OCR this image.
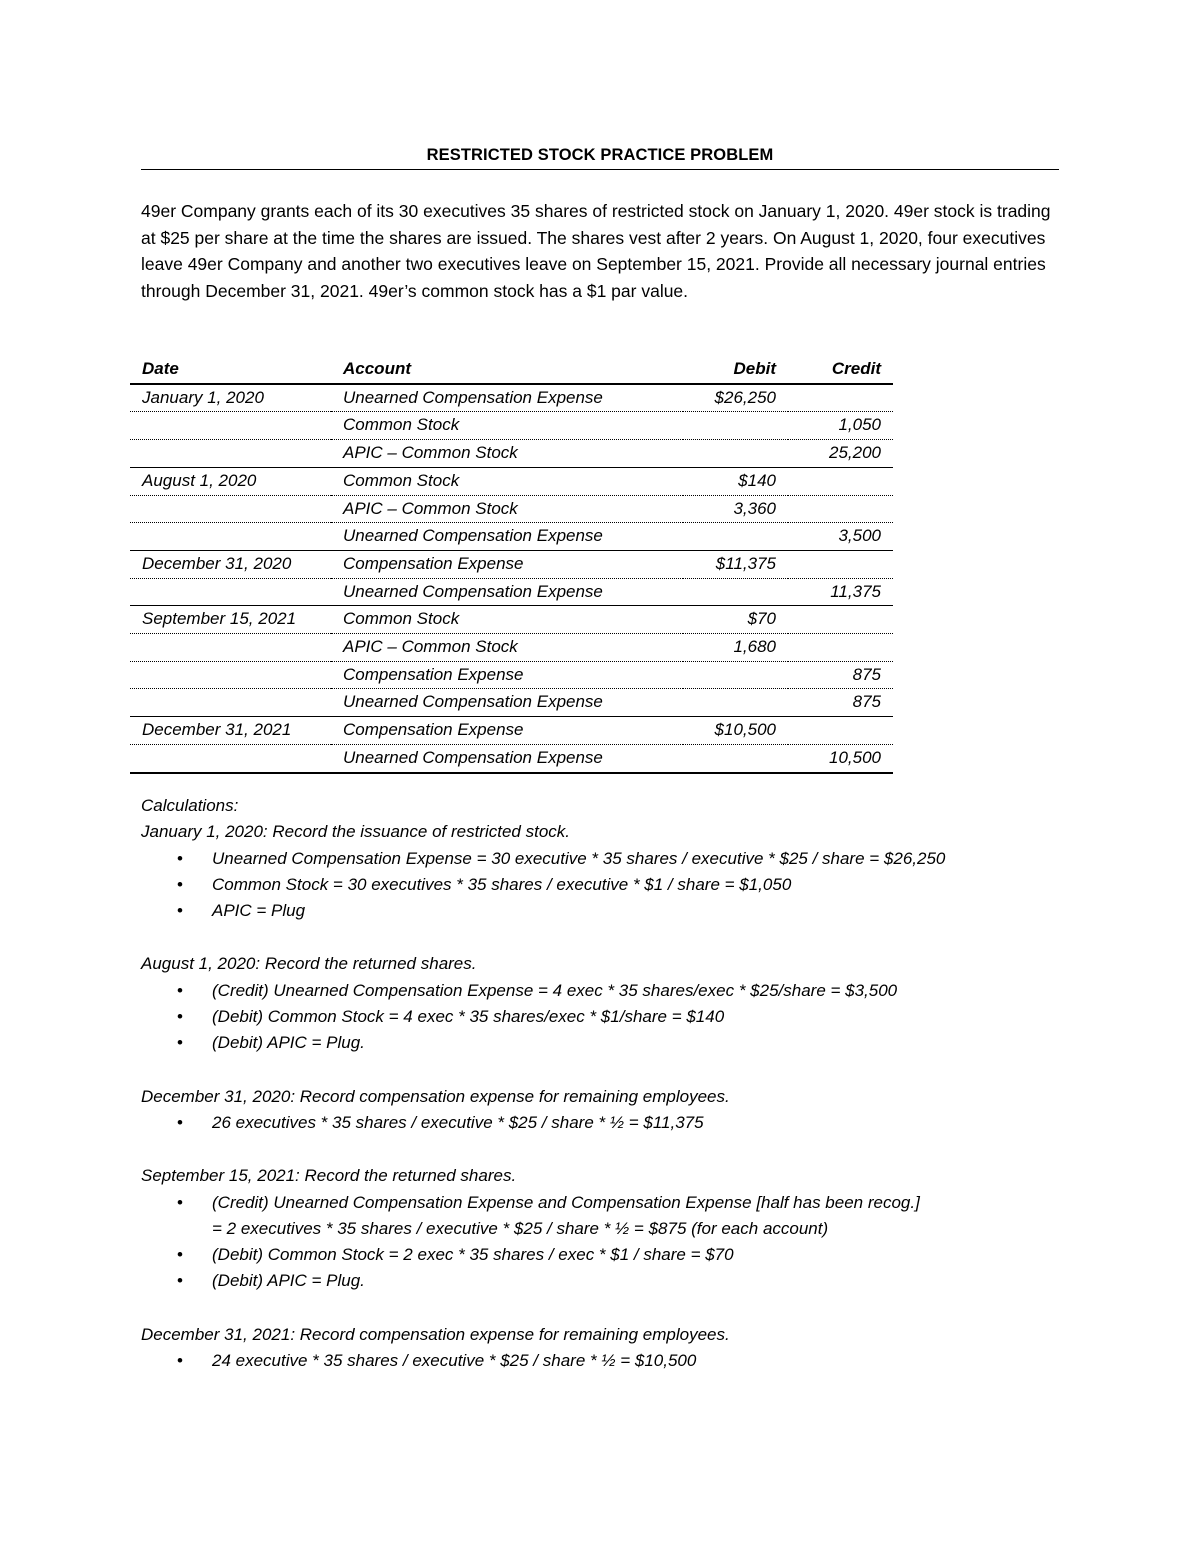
RESTRICTED STOCK PRACTICE PROBLEM
49er Company grants each of its 30 executives 35 shares of restricted stock on January 1, 2020. 49er stock is trading at $25 per share at the time the shares are issued. The shares vest after 2 years. On August 1, 2020, four executives leave 49er Company and another two executives leave on September 15, 2021. Provide all necessary journal entries through December 31, 2021. 49er’s common stock has a $1 par value.
Date	Account	Debit	Credit
January 1, 2020	Unearned Compensation Expense	$26,250	
	Common Stock		1,050
	APIC – Common Stock		25,200
August 1, 2020	Common Stock	$140	
	APIC – Common Stock	3,360	
	Unearned Compensation Expense		3,500
December 31, 2020	Compensation Expense	$11,375	
	Unearned Compensation Expense		11,375
September 15, 2021	Common Stock	$70	
	APIC – Common Stock	1,680	
	Compensation Expense		875
	Unearned Compensation Expense		875
December 31, 2021	Compensation Expense	$10,500	
	Unearned Compensation Expense		10,500
Calculations:
January 1, 2020: Record the issuance of restricted stock.
• Unearned Compensation Expense = 30 executive * 35 shares / executive * $25 / share = $26,250
• Common Stock = 30 executives * 35 shares / executive * $1 / share = $1,050
• APIC = Plug
August 1, 2020: Record the returned shares.
• (Credit) Unearned Compensation Expense = 4 exec * 35 shares/exec * $25/share = $3,500
• (Debit) Common Stock = 4 exec * 35 shares/exec * $1/share = $140
• (Debit) APIC = Plug.
December 31, 2020: Record compensation expense for remaining employees.
• 26 executives * 35 shares / executive * $25 / share * ½ = $11,375
September 15, 2021: Record the returned shares.
• (Credit) Unearned Compensation Expense and Compensation Expense [half has been recog.]
= 2 executives * 35 shares / executive * $25 / share * ½ = $875 (for each account)
• (Debit) Common Stock = 2 exec * 35 shares / exec * $1 / share = $70
• (Debit) APIC = Plug.
December 31, 2021: Record compensation expense for remaining employees.
• 24 executive * 35 shares / executive * $25 / share * ½ = $10,500
